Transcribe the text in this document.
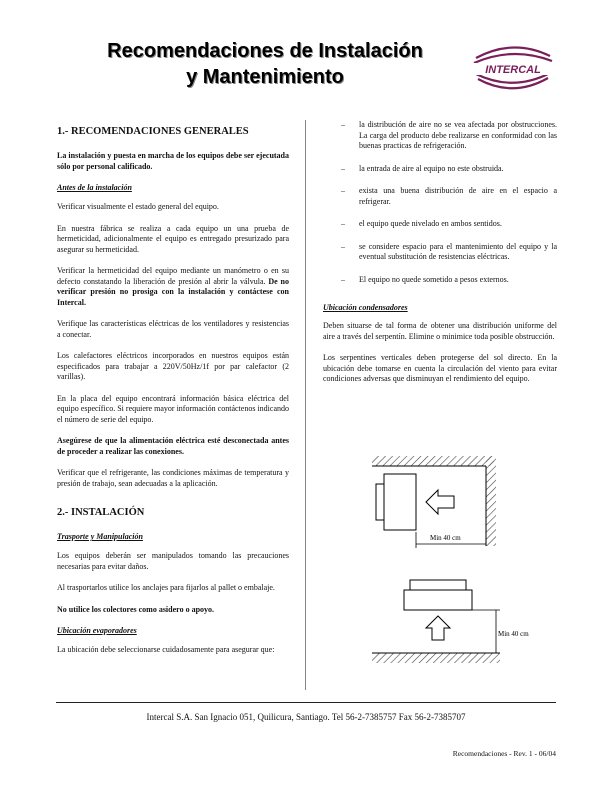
Recomendaciones de Instalación
y Mantenimiento	INTERCAL
1.- RECOMENDACIONES GENERALES
La instalación y puesta en marcha de los equipos debe ser ejecutada sólo por personal calificado.
Antes de la instalación
Verificar visualmente el estado general del equipo.
En nuestra fábrica se realiza a cada equipo un una prueba de hermeticidad, adicionalmente el equipo es entregado presurizado para asegurar su hermeticidad.
Verificar la hermeticidad del equipo mediante un manómetro o en su defecto constatando la liberación de presión al abrir la válvula. De no verificar presión no prosiga con la instalación y contáctese con Intercal.
Verifique las características eléctricas de los ventiladores y resistencias a conectar.
Los calefactores eléctricos incorporados en nuestros equipos están especificados para trabajar a 220V/50Hz/1f por par calefactor (2 varillas).
En la placa del equipo encontrará información básica eléctrica del equipo específico. Si requiere mayor información contáctenos indicando el número de serie del equipo.
Asegúrese de que la alimentación eléctrica esté desconectada antes de proceder a realizar las conexiones.
Verificar que el refrigerante, las condiciones máximas de temperatura y presión de trabajo, sean adecuadas a la aplicación.
2.- INSTALACIÓN
Trasporte y Manipulación
Los equipos deberán ser manipulados tomando las precauciones necesarias para evitar daños.
Al trasportarlos utilice los anclajes para fijarlos al pallet o embalaje.
No utilice los colectores como asidero o apoyo.
Ubicación evaporadores
La ubicación debe seleccionarse cuidadosamente para asegurar que:
– la distribución de aire no se vea afectada por obstrucciones. La carga del producto debe realizarse en conformidad con las buenas practicas de refrigeración.
– la entrada de aire al equipo no este obstruida.
– exista una buena distribución de aire en el espacio a refrigerar.
– el equipo quede nivelado en ambos sentidos.
– se considere espacio para el mantenimiento del equipo y la eventual substitución de resistencias eléctricas.
– El equipo no quede sometido a pesos externos.
Ubicación condensadores
Deben situarse de tal forma de obtener una distribución uniforme del aire a través del serpentín. Elimine o minimice toda posible obstrucción.
Los serpentines verticales deben protegerse del sol directo. En la ubicación debe tomarse en cuenta la circulación del viento para evitar condiciones adversas que disminuyan el rendimiento del equipo.
Min 40 cm
Min 40 cm
Intercal S.A. San Ignacio 051, Quilicura, Santiago. Tel 56-2-7385757 Fax 56-2-7385707
Recomendaciones - Rev. 1 - 06/04
